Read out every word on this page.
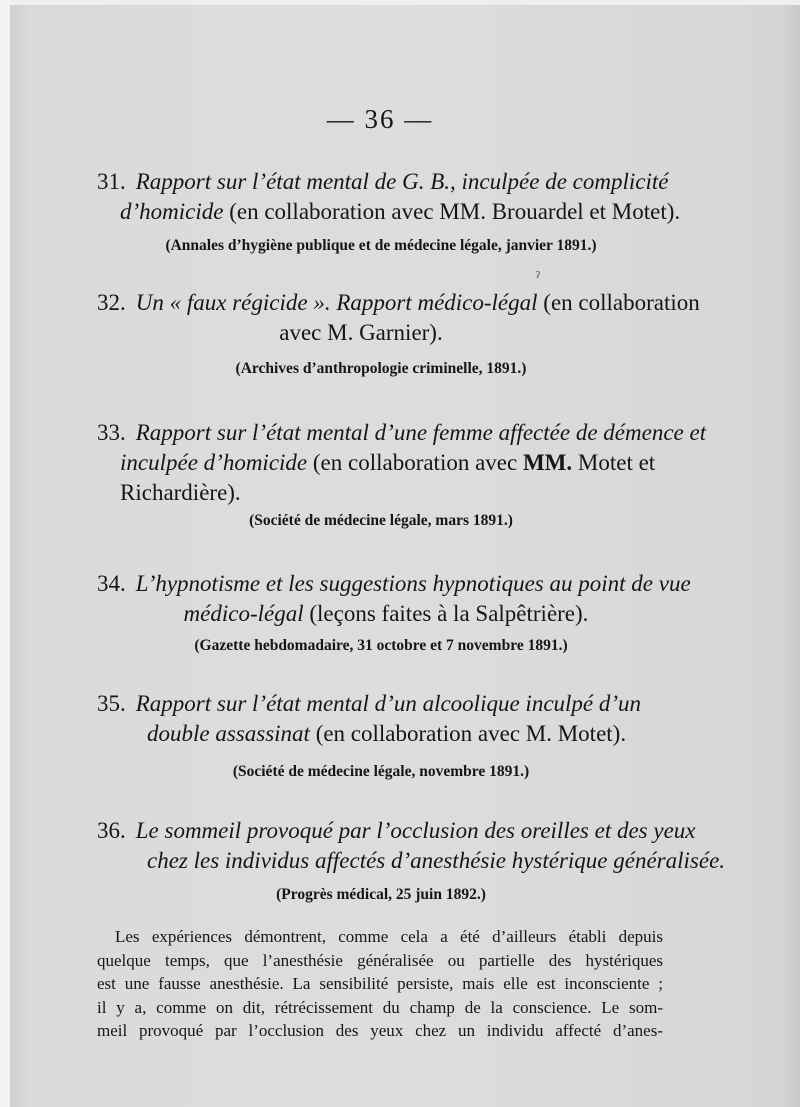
— 36 —
31. Rapport sur l’état mental de G. B., inculpée de complicité
d’homicide (en collaboration avec MM. Brouardel et Motet).
(Annales d’hygiène publique et de médecine légale, janvier 1891.)
ˀ
32. Un « faux régicide ». Rapport médico-légal (en collaboration
avec M. Garnier).
(Archives d’anthropologie criminelle, 1891.)
33. Rapport sur l’état mental d’une femme affectée de démence et
inculpée d’homicide (en collaboration avec MM. Motet et
Richardière).
(Société de médecine légale, mars 1891.)
34. L’hypnotisme et les suggestions hypnotiques au point de vue
médico-légal (leçons faites à la Salpêtrière).
(Gazette hebdomadaire, 31 octobre et 7 novembre 1891.)
35. Rapport sur l’état mental d’un alcoolique inculpé d’un
double assassinat (en collaboration avec M. Motet).
(Société de médecine légale, novembre 1891.)
36. Le sommeil provoqué par l’occlusion des oreilles et des yeux
chez les individus affectés d’anesthésie hystérique généralisée.
(Progrès médical, 25 juin 1892.)
Les expériences démontrent, comme cela a été d’ailleurs établi depuis
quelque temps, que l’anesthésie généralisée ou partielle des hystériques
est une fausse anesthésie. La sensibilité persiste, mais elle est inconsciente ;
il y a, comme on dit, rétrécissement du champ de la conscience. Le som-
meil provoqué par l’occlusion des yeux chez un individu affecté d’anes-
